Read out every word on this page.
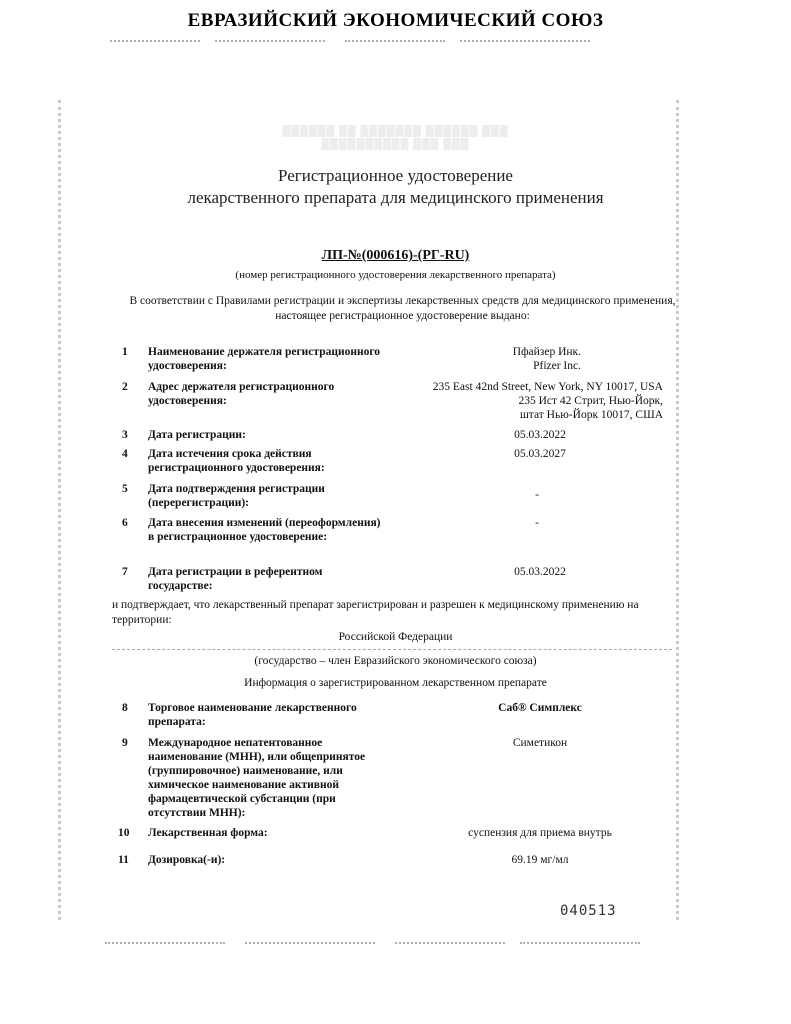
ЕВРАЗИЙСКИЙ ЭКОНОМИЧЕСКИЙ СОЮЗ
▒▒▒▒▒▒ ▒▒ ▒▒▒▒▒▒▒ ▒▒▒▒▒▒ ▒▒▒
▒▒▒▒▒▒▒▒▒▒ ▒▒▒ ▒▒▒
Регистрационное удостоверение
лекарственного препарата для медицинского применения
ЛП-№(000616)-(РГ-RU)
(номер регистрационного удостоверения лекарственного препарата)
В соответствии с Правилами регистрации и экспертизы лекарственных средств для медицинского применения, настоящее регистрационное удостоверение выдано:
1	Наименование держателя регистрационного удостоверения:
Пфайзер Инк.
Pfizer Inc.
2	Адрес держателя регистрационного удостоверения:
235 East 42nd Street, New York, NY 10017, USA
235 Ист 42 Стрит, Нью-Йорк,
штат Нью-Йорк 10017, США
3	Дата регистрации:	05.03.2022
4	Дата истечения срока действия регистрационного удостоверения:
05.03.2027
5	Дата подтверждения регистрации (перерегистрации):
-
6	Дата внесения изменений (переоформления) в регистрационное удостоверение:
-
7	Дата регистрации в референтном государстве:
05.03.2022
и подтверждает, что лекарственный препарат зарегистрирован и разрешен к медицинскому применению на территории:
Российской Федерации
(государство – член Евразийского экономического союза)
Информация о зарегистрированном лекарственном препарате
8	Торговое наименование лекарственного препарата:
Саб® Симплекс
9	Международное непатентованное наименование (МНН), или общепринятое (группировочное) наименование, или химическое наименование активной фармацевтической субстанции (при отсутствии МНН):
Симетикон
10 Лекарственная форма:	суспензия для приема внутрь
11 Дозировка(-и):	69.19 мг/мл
040513
